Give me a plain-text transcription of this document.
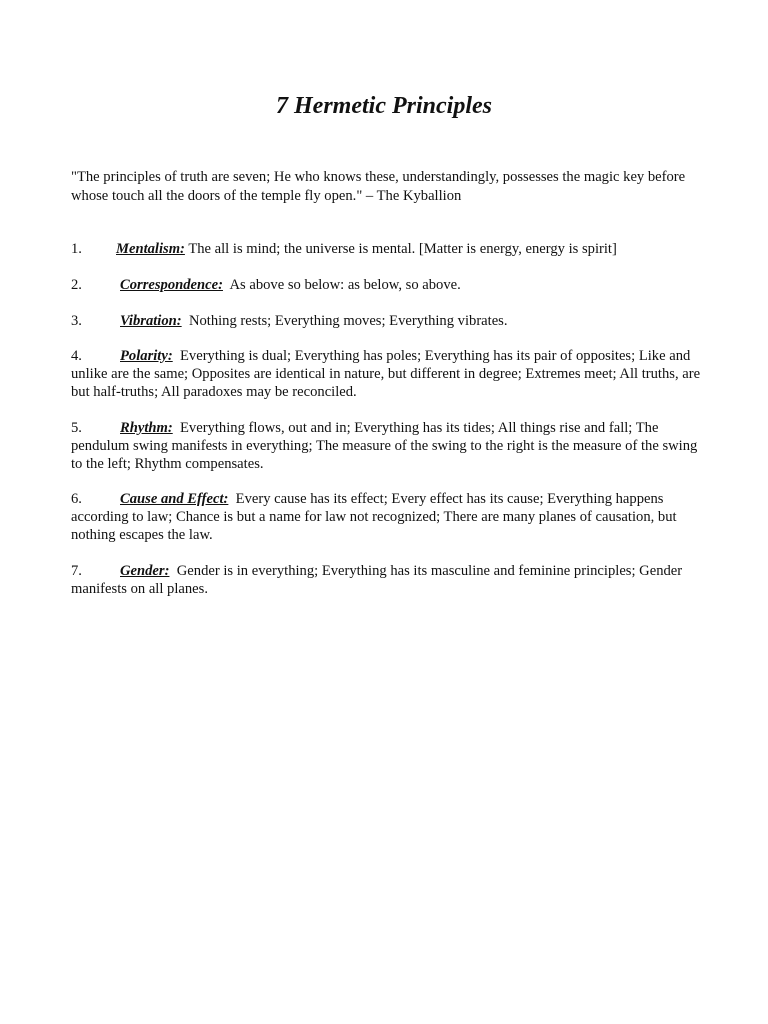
7 Hermetic Principles

"The principles of truth are seven; He who knows these, understandingly, possesses the magic key before whose touch all the doors of the temple fly open." – The Kyballion

1. Mentalism: The all is mind; the universe is mental. [Matter is energy, energy is spirit]

2.	Correspondence: As above so below: as below, so above.

3.	Vibration: Nothing rests; Everything moves; Everything vibrates.

4.	Polarity: Everything is dual; Everything has poles; Everything has its pair of opposites; Like and unlike are the same; Opposites are identical in nature, but different in degree; Extremes meet; All truths, are but half-truths; All paradoxes may be reconciled.

5.	Rhythm: Everything flows, out and in; Everything has its tides; All things rise and fall; The pendulum swing manifests in everything; The measure of the swing to the right is the measure of the swing to the left; Rhythm compensates.

6.	Cause and Effect: Every cause has its effect; Every effect has its cause; Everything happens according to law; Chance is but a name for law not recognized; There are many planes of causation, but nothing escapes the law.

7.	Gender: Gender is in everything; Everything has its masculine and feminine principles; Gender manifests on all planes.
